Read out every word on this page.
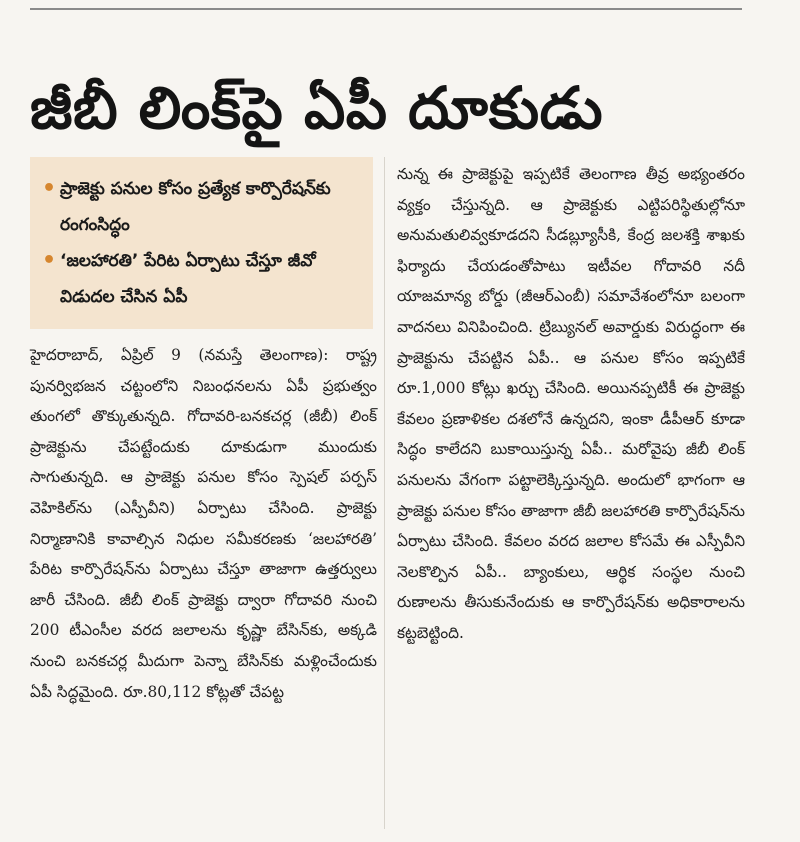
జీబీ లింక్‌పై ఏపీ దూకుడు
• ప్రాజెక్టు పనుల కోసం ప్రత్యేక కార్పొరేషన్‌కు రంగంసిద్ధం
• ‘జలహారతి’ పేరిట ఏర్పాటు చేస్తూ జీవో విడుదల చేసిన ఏపీ

హైదరాబాద్, ఏప్రిల్ 9 (నమస్తే తెలంగాణ): రాష్ట్ర పునర్విభజన చట్టంలోని నిబంధనలను ఏపీ ప్రభుత్వం తుంగలో తొక్కుతున్నది. గోదావరి-బనకచర్ల (జీబీ) లింక్ ప్రాజెక్టును చేపట్టేందుకు దూకుడుగా ముందుకు సాగుతున్నది. ఆ ప్రాజెక్టు పనుల కోసం స్పెషల్ పర్పస్ వెహికిల్‌ను (ఎస్పీవీని) ఏర్పాటు చేసింది. ప్రాజెక్టు నిర్మాణానికి కావాల్సిన నిధుల సమీకరణకు ‘జలహారతి’ పేరిట కార్పొరేషన్‌ను ఏర్పాటు చేస్తూ తాజాగా ఉత్తర్వులు జారీ చేసింది. జీబీ లింక్ ప్రాజెక్టు ద్వారా గోదావరి నుంచి 200 టీఎంసీల వరద జలాలను కృష్ణా బేసిన్‌కు, అక్కడి నుంచి బనకచర్ల మీదుగా పెన్నా బేసిన్‌కు మళ్లించేందుకు ఏపీ సిద్ధమైంది. రూ.80,112 కోట్లతో చేపట్ట

నున్న ఈ ప్రాజెక్టుపై ఇప్పటికే తెలంగాణ తీవ్ర అభ్యంతరం వ్యక్తం చేస్తున్నది. ఆ ప్రాజెక్టుకు ఎట్టిపరిస్థితుల్లోనూ అనుమతులివ్వకూడదని సీడబ్ల్యూసీకి, కేంద్ర జలశక్తి శాఖకు ఫిర్యాదు చేయడంతోపాటు ఇటీవల గోదావరి నదీ యాజమాన్య బోర్డు (జీఆర్ఎంబీ) సమావేశంలోనూ బలంగా వాదనలు వినిపించింది. ట్రిబ్యునల్ అవార్డుకు విరుద్ధంగా ఈ ప్రాజెక్టును చేపట్టిన ఏపీ.. ఆ పనుల కోసం ఇప్పటికే రూ.1,000 కోట్లు ఖర్చు చేసింది. అయినప్పటికీ ఈ ప్రాజెక్టు కేవలం ప్రణాళికల దశలోనే ఉన్నదని, ఇంకా డీపీఆర్ కూడా సిద్ధం కాలేదని బుకాయిస్తున్న ఏపీ.. మరోవైపు జీబీ లింక్ పనులను వేగంగా పట్టాలెక్కిస్తున్నది. అందులో భాగంగా ఆ ప్రాజెక్టు పనుల కోసం తాజాగా జీబీ జలహారతి కార్పొరేషన్‌ను ఏర్పాటు చేసింది. కేవలం వరద జలాల కోసమే ఈ ఎస్పీవీని నెలకొల్పిన ఏపీ.. బ్యాంకులు, ఆర్థిక సంస్థల నుంచి రుణాలను తీసుకునేందుకు ఆ కార్పొరేషన్‌కు అధికారాలను కట్టబెట్టింది.
